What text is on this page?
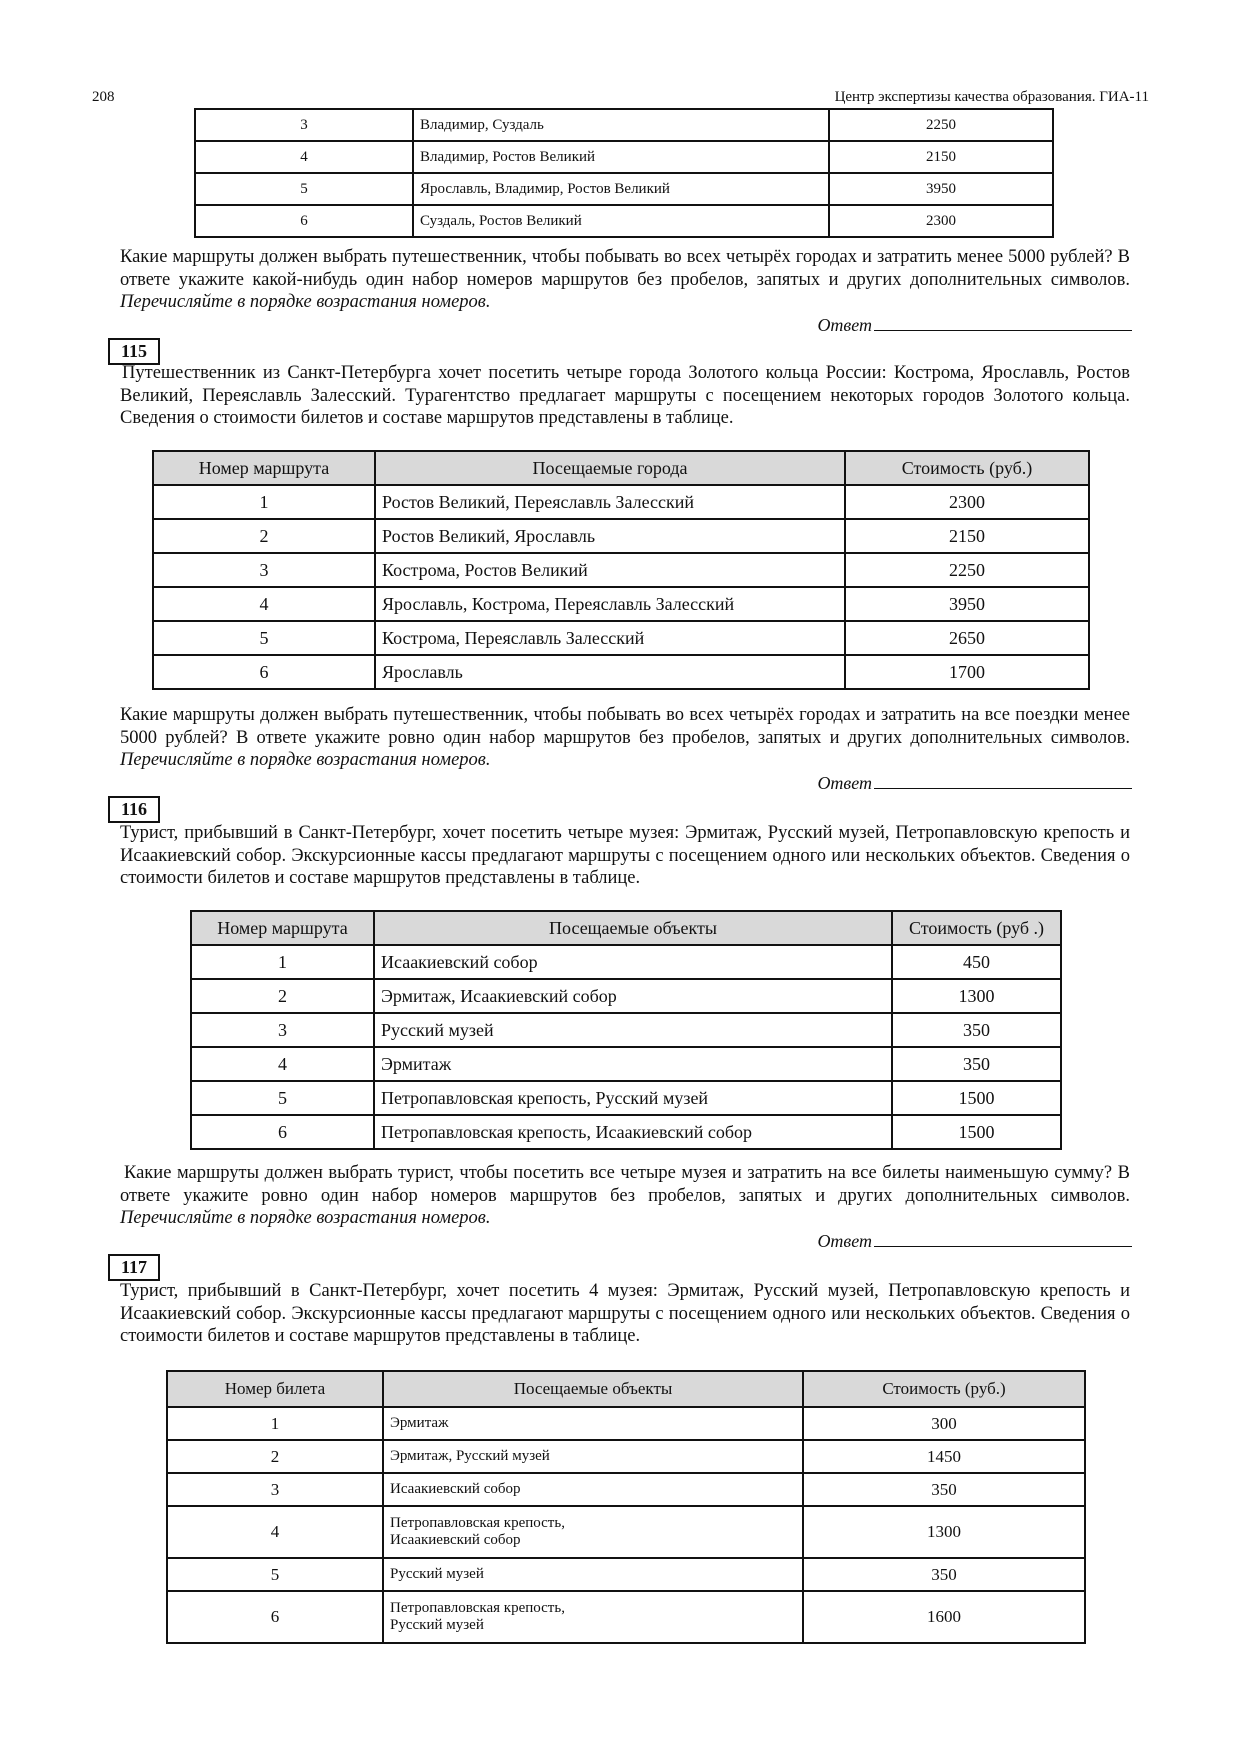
208	Центр экспертизы качества образования. ГИА-11
3	Владимир, Суздаль	2250
4	Владимир, Ростов Великий	2150
5	Ярославль, Владимир, Ростов Великий	3950
6	Суздаль, Ростов Великий	2300
Какие маршруты должен выбрать путешественник, чтобы побывать во всех четырёх городах и затратить менее 5000 рублей? В ответе укажите какой-нибудь один набор номеров маршрутов без пробелов, запятых и других дополнительных символов. Перечисляйте в порядке возрастания номеров.
Ответ
115
Путешественник из Санкт-Петербурга хочет посетить четыре города Золотого кольца России: Кострома, Ярославль, Ростов Великий, Переяславль Залесский. Турагентство предлагает маршруты с посещением некоторых городов Золотого кольца. Сведения о стоимости билетов и составе маршрутов представлены в таблице.
Номер маршрута	Посещаемые города	Стоимость (руб.)
1	Ростов Великий, Переяславль Залесский	2300
2	Ростов Великий, Ярославль	2150
3	Кострома, Ростов Великий	2250
4	Ярославль, Кострома, Переяславль Залесский	3950
5	Кострома, Переяславль Залесский	2650
6	Ярославль	1700
Какие маршруты должен выбрать путешественник, чтобы побывать во всех четырёх городах и затратить на все поездки менее 5000 рублей? В ответе укажите ровно один набор маршрутов без пробелов, запятых и других дополнительных символов. Перечисляйте в порядке возрастания номеров.
Ответ
116
Турист, прибывший в Санкт-Петербург, хочет посетить четыре музея: Эрмитаж, Русский музей, Петропавловскую крепость и Исаакиевский собор. Экскурсионные кассы предлагают маршруты с посещением одного или нескольких объектов. Сведения о стоимости билетов и составе маршрутов представлены в таблице.
Номер маршрута	Посещаемые объекты	Стоимость (руб .)
1	Исаакиевский собор	450
2	Эрмитаж, Исаакиевский собор	1300
3	Русский музей	350
4	Эрмитаж	350
5	Петропавловская крепость, Русский музей	1500
6	Петропавловская крепость, Исаакиевский собор	1500
Какие маршруты должен выбрать турист, чтобы посетить все четыре музея и затратить на все билеты наименьшую сумму? В ответе укажите ровно один набор номеров маршрутов без пробелов, запятых и других дополнительных символов. Перечисляйте в порядке возрастания номеров.
Ответ
117
Турист, прибывший в Санкт-Петербург, хочет посетить 4 музея: Эрмитаж, Русский музей, Петропавловскую крепость и Исаакиевский собор. Экскурсионные кассы предлагают маршруты с посещением одного или нескольких объектов. Сведения о стоимости билетов и составе маршрутов представлены в таблице.
Номер билета	Посещаемые объекты	Стоимость (руб.)
1	Эрмитаж	300
2	Эрмитаж, Русский музей	1450
3	Исаакиевский собор	350
4	Петропавловская крепость,
Исаакиевский собор	1300
5	Русский музей	350
6	Петропавловская крепость,
Русский музей	1600
